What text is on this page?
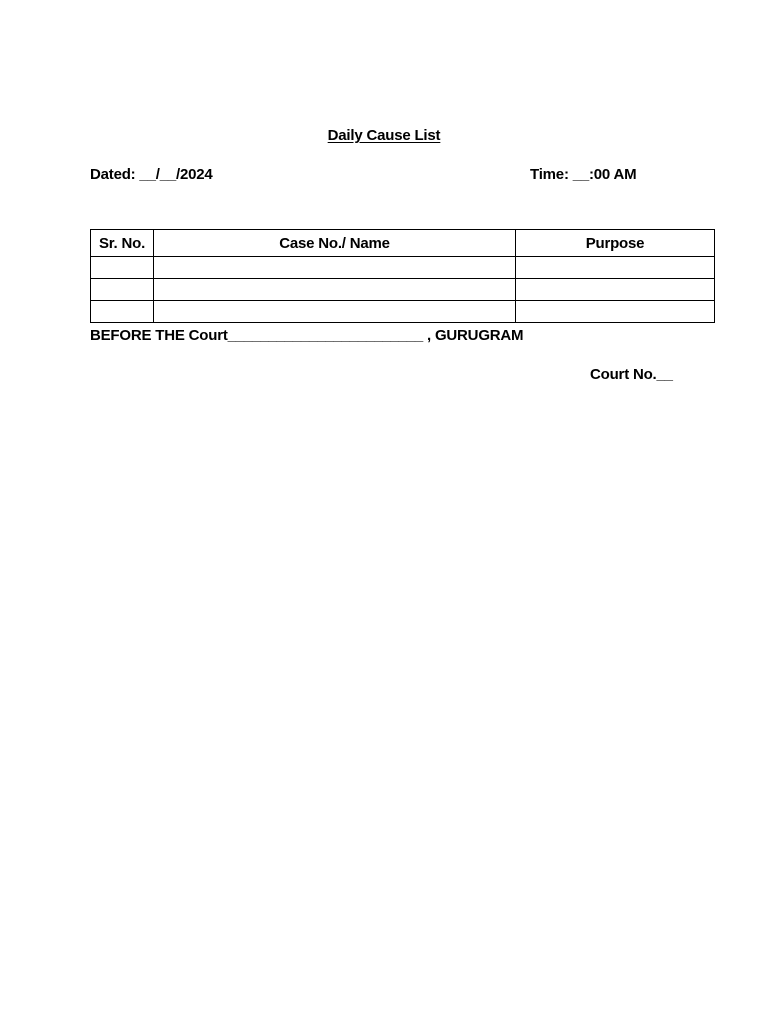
Daily Cause List
Dated: __/__/2024	Time: __:00 AM
Sr. No.	Case No./ Name	Purpose

BEFORE THE Court________________________ , GURUGRAM
Court No.__
